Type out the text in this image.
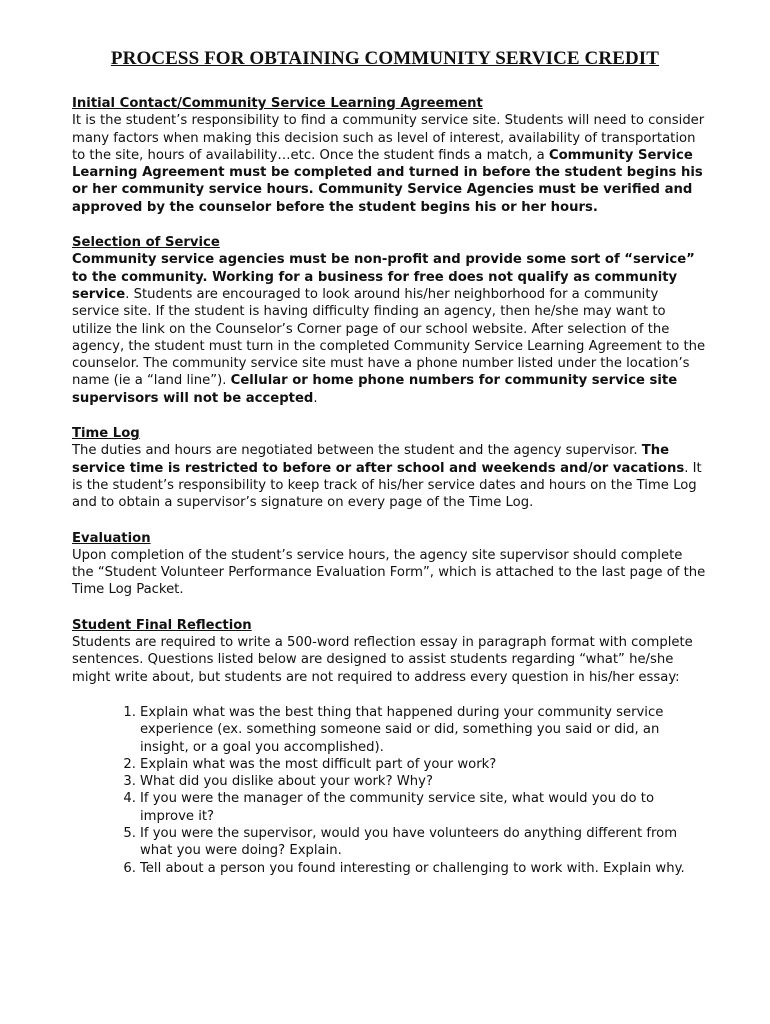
PROCESS FOR OBTAINING COMMUNITY SERVICE CREDIT
Initial Contact/Community Service Learning Agreement
It is the student’s responsibility to find a community service site. Students will need to consider many factors when making this decision such as level of interest, availability of transportation to the site, hours of availability…etc. Once the student finds a match, a Community Service Learning Agreement must be completed and turned in before the student begins his or her community service hours. Community Service Agencies must be verified and approved by the counselor before the student begins his or her hours.
Selection of Service
Community service agencies must be non-profit and provide some sort of “service” to the community. Working for a business for free does not qualify as community service. Students are encouraged to look around his/her neighborhood for a community service site. If the student is having difficulty finding an agency, then he/she may want to utilize the link on the Counselor’s Corner page of our school website. After selection of the agency, the student must turn in the completed Community Service Learning Agreement to the counselor. The community service site must have a phone number listed under the location’s name (ie a “land line”). Cellular or home phone numbers for community service site supervisors will not be accepted.
Time Log
The duties and hours are negotiated between the student and the agency supervisor. The service time is restricted to before or after school and weekends and/or vacations. It is the student’s responsibility to keep track of his/her service dates and hours on the Time Log and to obtain a supervisor’s signature on every page of the Time Log.
Evaluation
Upon completion of the student’s service hours, the agency site supervisor should complete the “Student Volunteer Performance Evaluation Form”, which is attached to the last page of the Time Log Packet.
Student Final Reflection
Students are required to write a 500-word reflection essay in paragraph format with complete sentences. Questions listed below are designed to assist students regarding “what” he/she might write about, but students are not required to address every question in his/her essay:
1. Explain what was the best thing that happened during your community service experience (ex. something someone said or did, something you said or did, an insight, or a goal you accomplished).
2. Explain what was the most difficult part of your work?
3. What did you dislike about your work? Why?
4. If you were the manager of the community service site, what would you do to improve it?
5. If you were the supervisor, would you have volunteers do anything different from what you were doing? Explain.
6. Tell about a person you found interesting or challenging to work with. Explain why.
